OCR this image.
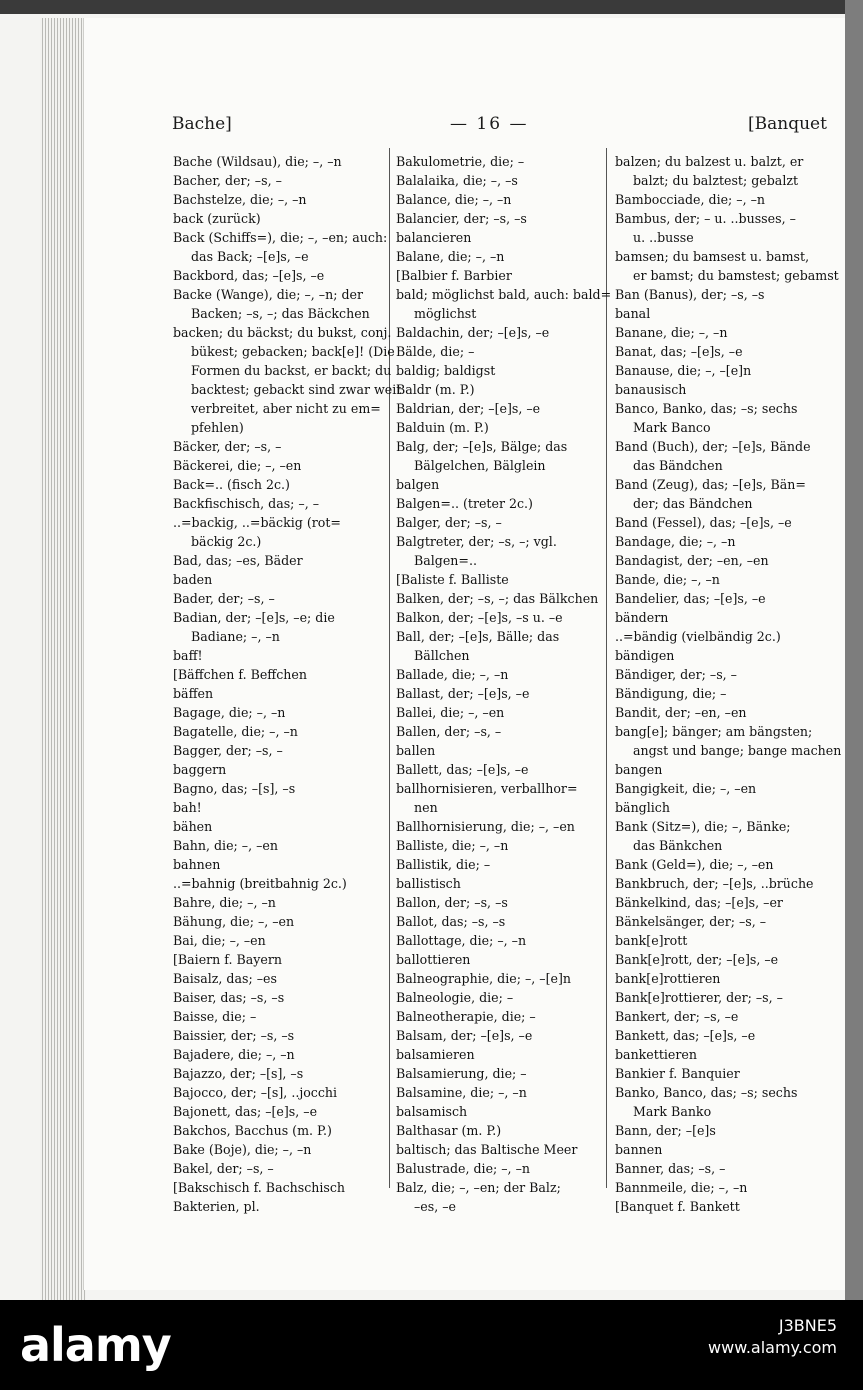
Bache]	— 16 —	[Banquet
Bache (Wildsau), die; –, –n
Bacher, der; –s, –
Bachstelze, die; –, –n
back (zurück)
Back (Schiffs=), die; –, –en; auch:
das Back; –[e]s, –e
Backbord, das; –[e]s, –e
Backe (Wange), die; –, –n; der
Backen; –s, –; das Bäckchen
backen; du bäckst; du bukst, conj.
bükest; gebacken; back[e]! (Die
Formen du backst, er backt; du
backtest; gebackt sind zwar weit
verbreitet, aber nicht zu em=
pfehlen)
Bäcker, der; –s, –
Bäckerei, die; –, –en
Back=.. (fisch 2c.)
Backfischisch, das; –, –
..=backig, ..=bäckig (rot=
bäckig 2c.)
Bad, das; –es, Bäder
baden
Bader, der; –s, –
Badian, der; –[e]s, –e; die
Badiane; –, –n
baff!
[Bäffchen f. Beffchen
bäffen
Bagage, die; –, –n
Bagatelle, die; –, –n
Bagger, der; –s, –
baggern
Bagno, das; –[s], –s
bah!
bähen
Bahn, die; –, –en
bahnen
..=bahnig (breitbahnig 2c.)
Bahre, die; –, –n
Bähung, die; –, –en
Bai, die; –, –en
[Baiern f. Bayern
Baisalz, das; –es
Baiser, das; –s, –s
Baisse, die; –
Baissier, der; –s, –s
Bajadere, die; –, –n
Bajazzo, der; –[s], –s
Bajocco, der; –[s], ..jocchi
Bajonett, das; –[e]s, –e
Bakchos, Bacchus (m. P.)
Bake (Boje), die; –, –n
Bakel, der; –s, –
[Bakschisch f. Bachschisch
Bakterien, pl.
Bakulometrie, die; –
Balalaika, die; –, –s
Balance, die; –, –n
Balancier, der; –s, –s
balancieren
Balane, die; –, –n
[Balbier f. Barbier
bald; möglichst bald, auch: bald=
möglichst
Baldachin, der; –[e]s, –e
Bälde, die; –
baldig; baldigst
Baldr (m. P.)
Baldrian, der; –[e]s, –e
Balduin (m. P.)
Balg, der; –[e]s, Bälge; das
Bälgelchen, Bälglein
balgen
Balgen=.. (treter 2c.)
Balger, der; –s, –
Balgtreter, der; –s, –; vgl.
Balgen=..
[Baliste f. Balliste
Balken, der; –s, –; das Bälkchen
Balkon, der; –[e]s, –s u. –e
Ball, der; –[e]s, Bälle; das
Bällchen
Ballade, die; –, –n
Ballast, der; –[e]s, –e
Ballei, die; –, –en
Ballen, der; –s, –
ballen
Ballett, das; –[e]s, –e
ballhornisieren, verballhor=
nen
Ballhornisierung, die; –, –en
Balliste, die; –, –n
Ballistik, die; –
ballistisch
Ballon, der; –s, –s
Ballot, das; –s, –s
Ballottage, die; –, –n
ballottieren
Balneographie, die; –, –[e]n
Balneologie, die; –
Balneotherapie, die; –
Balsam, der; –[e]s, –e
balsamieren
Balsamierung, die; –
Balsamine, die; –, –n
balsamisch
Balthasar (m. P.)
baltisch; das Baltische Meer
Balustrade, die; –, –n
Balz, die; –, –en; der Balz;
–es, –e
balzen; du balzest u. balzt, er
balzt; du balztest; gebalzt
Bambocciade, die; –, –n
Bambus, der; – u. ..busses, –
u. ..busse
bamsen; du bamsest u. bamst,
er bamst; du bamstest; gebamst
Ban (Banus), der; –s, –s
banal
Banane, die; –, –n
Banat, das; –[e]s, –e
Banause, die; –, –[e]n
banausisch
Banco, Banko, das; –s; sechs
Mark Banco
Band (Buch), der; –[e]s, Bände
das Bändchen
Band (Zeug), das; –[e]s, Bän=
der; das Bändchen
Band (Fessel), das; –[e]s, –e
Bandage, die; –, –n
Bandagist, der; –en, –en
Bande, die; –, –n
Bandelier, das; –[e]s, –e
bändern
..=bändig (vielbändig 2c.)
bändigen
Bändiger, der; –s, –
Bändigung, die; –
Bandit, der; –en, –en
bang[e]; bänger; am bängsten;
angst und bange; bange machen
bangen
Bangigkeit, die; –, –en
bänglich
Bank (Sitz=), die; –, Bänke;
das Bänkchen
Bank (Geld=), die; –, –en
Bankbruch, der; –[e]s, ..brüche
Bänkelkind, das; –[e]s, –er
Bänkelsänger, der; –s, –
bank[e]rott
Bank[e]rott, der; –[e]s, –e
bank[e]rottieren
Bank[e]rottierer, der; –s, –
Bankert, der; –s, –e
Bankett, das; –[e]s, –e
bankettieren
Bankier f. Banquier
Banko, Banco, das; –s; sechs
Mark Banko
Bann, der; –[e]s
bannen
Banner, das; –s, –
Bannmeile, die; –, –n
[Banquet f. Bankett
alamy	J3BNE5
www.alamy.com
